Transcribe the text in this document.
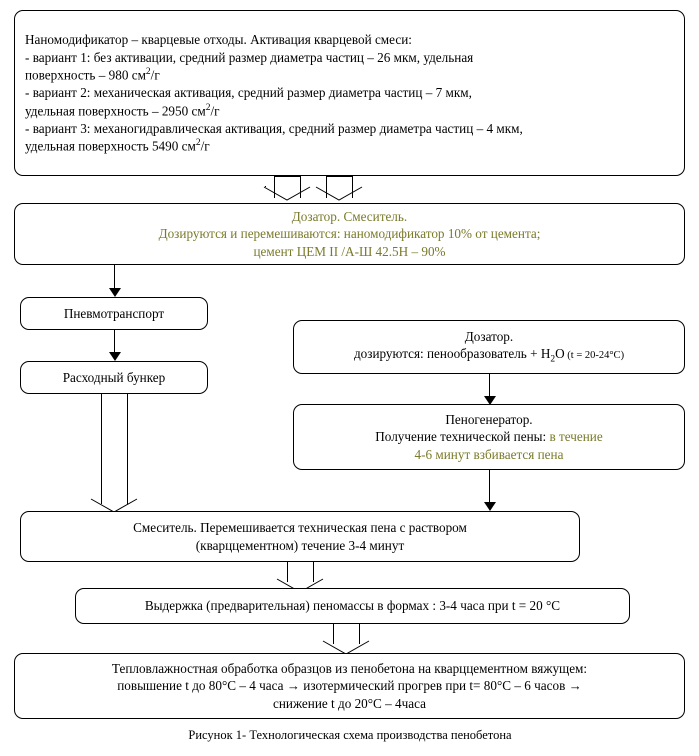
Наномодификатор – кварцевые отходы. Активация кварцевой смеси:

- вариант 1: без активации, средний размер диаметра частиц – 26 мкм, удельная
поверхность – 980 $см^2/г$

- вариант 2: механическая активация, средний размер диаметра частиц – 7 мкм,
удельная поверхность – 2950 $см^2/г$

- вариант 3: механогидравлическая активация, средний размер диаметра частиц – 4 мкм,
удельная поверхность 5490 $см^2/г$

Дозатор. Смеситель.

Дозируются и перемешиваются: наномодификатор 10% от цемента;

цемент ЦЕМ II /А-Ш 42.5Н – 90%

Пневмотранспорт

Расходный бункер

Дозатор.

дозируются: пенообразователь + $H_2O$ (t = 20-24°C)

Пеногенератор.

Получение технической пены: в течение

4-6 минут взбивается пена

Смеситель. Перемешивается техническая пена с раствором

(кварццементном) течение 3-4 минут

Выдержка (предварительная) пеномассы в формах : 3-4 часа при t = 20 °С

Тепловлажностная обработка образцов из пенобетона на кварццементном вяжущем:

повышение t до 80°С – 4 часа → изотермический прогрев при t= 80°С – 6 часов →

снижение t до 20°С – 4часа

Рисунок 1- Технологическая схема производства пенобетона
